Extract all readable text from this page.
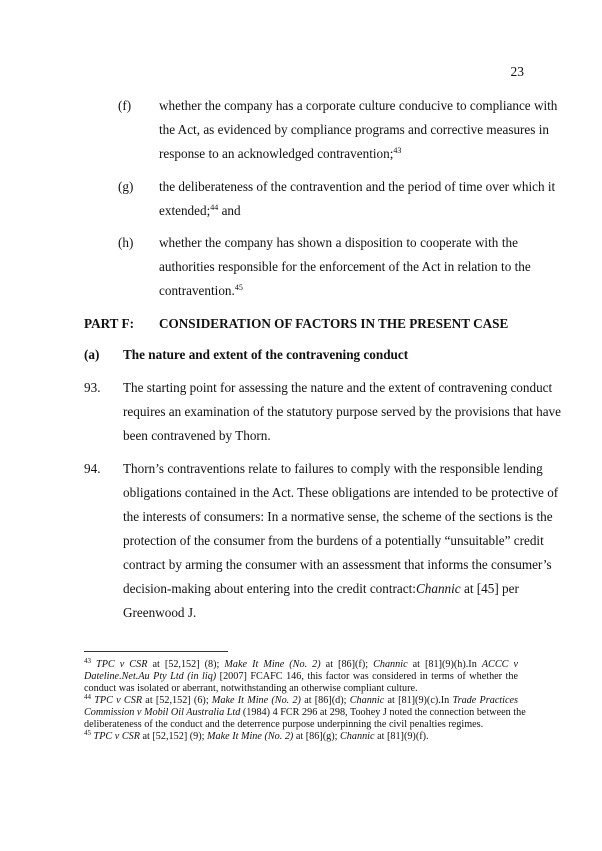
23
(f) whether the company has a corporate culture conducive to compliance with
the Act, as evidenced by compliance programs and corrective measures in
response to an acknowledged contravention;$^{43}$
(g) the deliberateness of the contravention and the period of time over which it
extended;$^{44}$ and
(h) whether the company has shown a disposition to cooperate with the
authorities responsible for the enforcement of the Act in relation to the
contravention.$^{45}$
PART F: CONSIDERATION OF FACTORS IN THE PRESENT CASE
(a) The nature and extent of the contravening conduct
93. The starting point for assessing the nature and the extent of contravening conduct
requires an examination of the statutory purpose served by the provisions that have
been contravened by Thorn.
94. Thorn’s contraventions relate to failures to comply with the responsible lending
obligations contained in the Act. These obligations are intended to be protective of
the interests of consumers: In a normative sense, the scheme of the sections is the
protection of the consumer from the burdens of a potentially “unsuitable” credit
contract by arming the consumer with an assessment that informs the consumer’s
decision-making about entering into the credit contract: Channic at [45] per
Greenwood J.
$^{43}$ TPC v CSR at [52,152] (8); Make It Mine (No. 2) at [86](f); Channic at [81](9)(h).In ACCC v
Dateline.Net.Au Pty Ltd (in liq) [2007] FCAFC 146, this factor was considered in terms of whether the
conduct was isolated or aberrant, notwithstanding an otherwise compliant culture.
$^{44}$ TPC v CSR at [52,152] (6); Make It Mine (No. 2) at [86](d); Channic at [81](9)(c).In Trade Practices
Commission v Mobil Oil Australia Ltd (1984) 4 FCR 296 at 298, Toohey J noted the connection between the
deliberateness of the conduct and the deterrence purpose underpinning the civil penalties regimes.
$^{45}$ TPC v CSR at [52,152] (9); Make It Mine (No. 2) at [86](g); Channic at [81](9)(f).
